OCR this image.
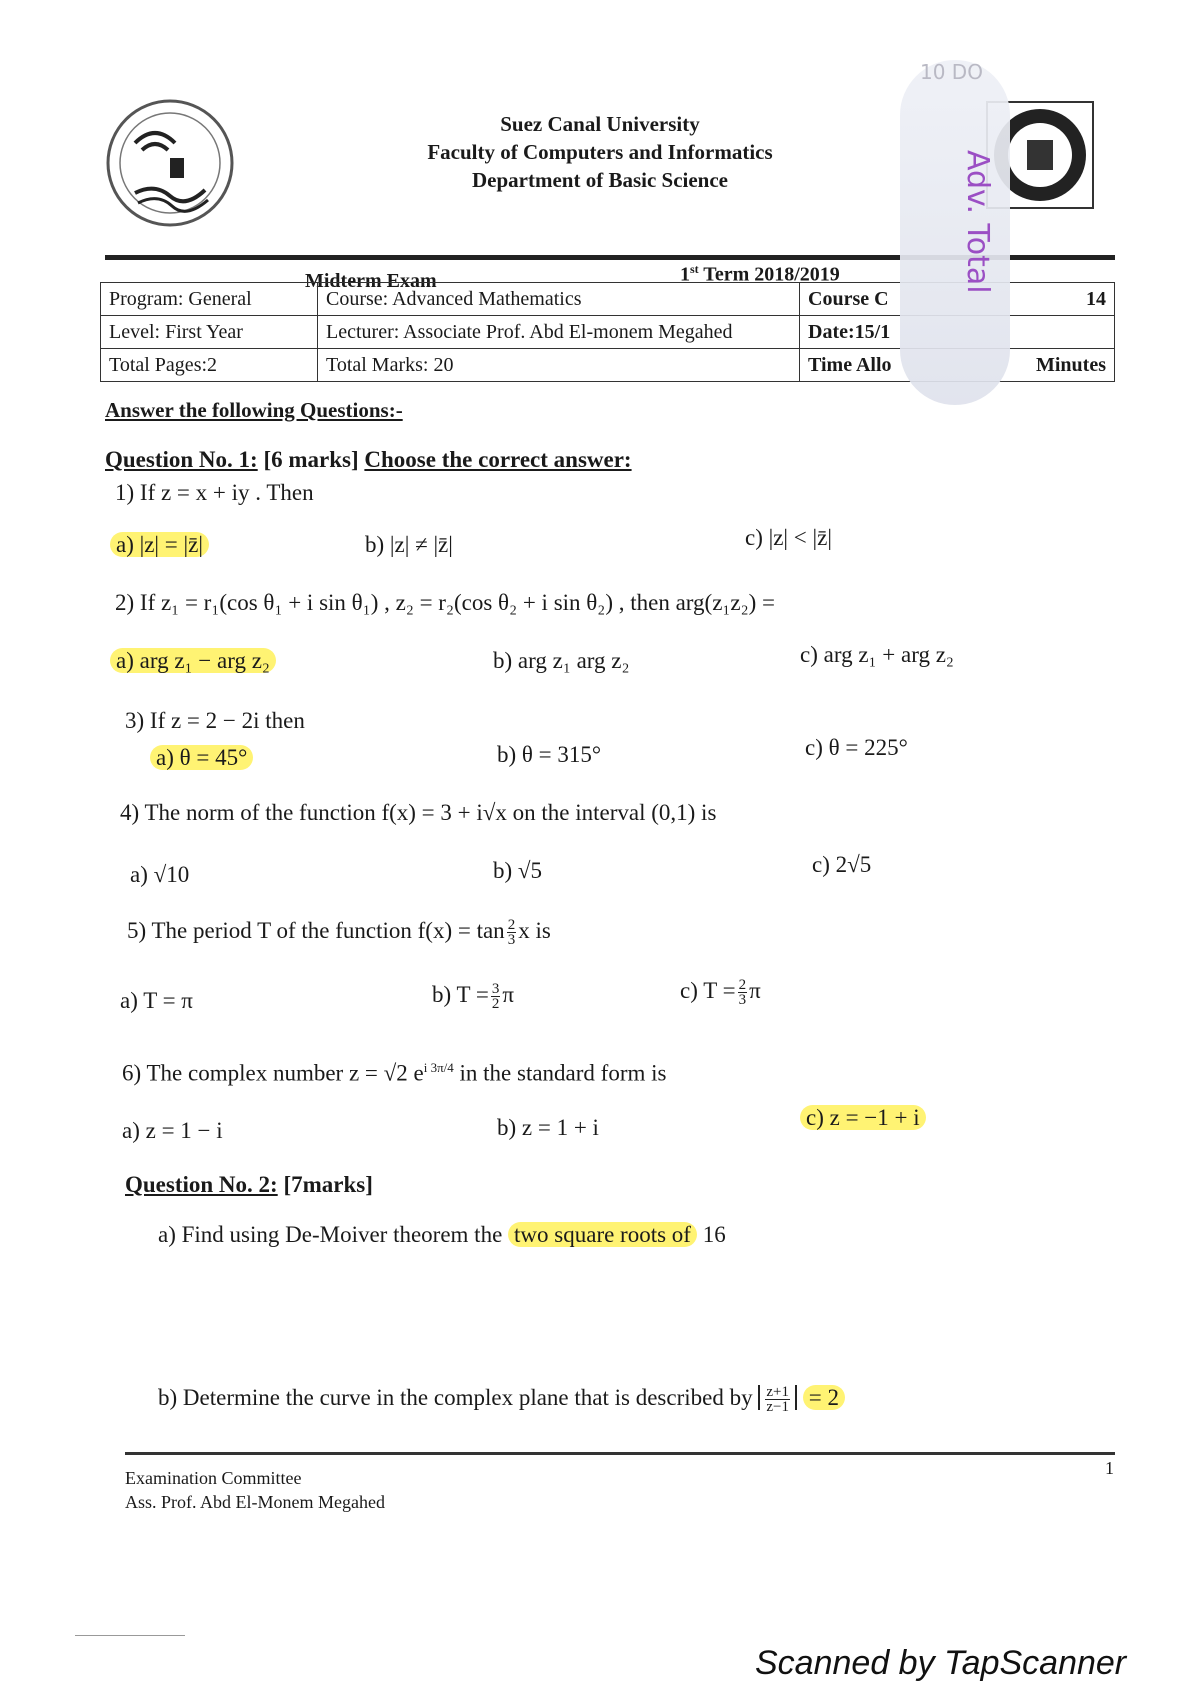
Suez Canal University
Faculty of Computers and Informatics
Department of Basic Science
Midterm Exam	1st Term 2018/2019
Program: General	Course: Advanced Mathematics	Course C 14

Level: First Year	Lecturer: Associate Prof. Abd El-monem Megahed	Date:15/1
Total Pages:2	Total Marks: 20	Time Allo Minutes
Adv. Total
10 DO
Answer the following Questions:-
Question No. 1: [6 marks] Choose the correct answer:
1) If z = x + iy . Then
a) |z| = |z̄|	b) |z| ≠ |z̄|	c) |z| < |z̄|
2) If z₁ = r₁(cos θ₁ + i sin θ₁) , z₂ = r₂(cos θ₂ + i sin θ₂) , then arg(z₁z₂) =
a) arg z₁ − arg z₂	b) arg z₁ arg z₂	c) arg z₁ + arg z₂
3) If z = 2 − 2i then
a) θ = 45°	b) θ = 315°	c) θ = 225°
4) The norm of the function f(x) = 3 + i√x on the interval (0,1) is
a) √10	b) √5	c) 2√5
5) The period T of the function $f(x) = \tan \frac{2}{3}$ x is
a) T = π	b) $T = \frac{3}{2}$ π	c) $T = \frac{2}{3}$ π
6) The complex number z = √2 $e^{i 3\pi/4}$ in the standard form is
a) z = 1 − i	b) z = 1 + i	c) z = −1 + i
Question No. 2: [7marks]
a) Find using De-Moiver theorem the two square roots of 16
b) Determine the curve in the complex plane that is described by $\frac{z+1}{z-1} = 2$
1
Examination Committee
Ass. Prof. Abd El-Monem Megahed
Scanned by TapScanner
